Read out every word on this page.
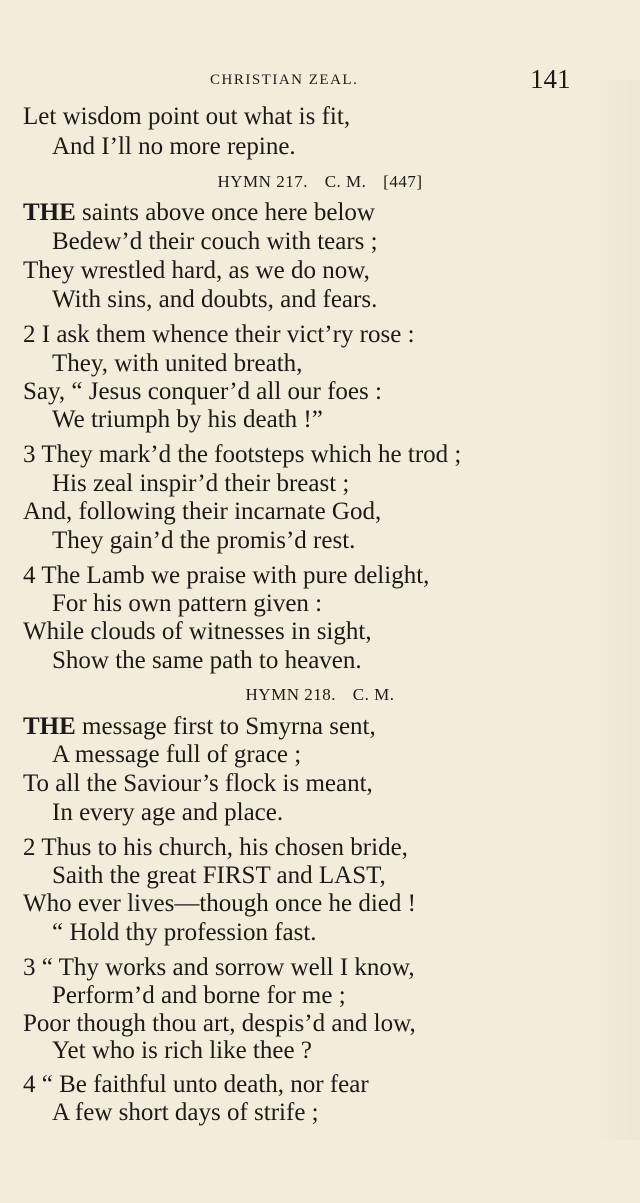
CHRISTIAN ZEAL.	141
Let wisdom point out what is fit,
And I’ll no more repine.
HYMN 217. C. M. [447]
THE saints above once here below
Bedew’d their couch with tears ;
They wrestled hard, as we do now,
With sins, and doubts, and fears.
2 I ask them whence their vict’ry rose :
They, with united breath,
Say, “ Jesus conquer’d all our foes :
We triumph by his death !”
3 They mark’d the footsteps which he trod ;
His zeal inspir’d their breast ;
And, following their incarnate God,
They gain’d the promis’d rest.
4 The Lamb we praise with pure delight,
For his own pattern given :
While clouds of witnesses in sight,
Show the same path to heaven.
HYMN 218. C. M.
THE message first to Smyrna sent,
A message full of grace ;
To all the Saviour’s flock is meant,
In every age and place.
2 Thus to his church, his chosen bride,
Saith the great FIRST and LAST,
Who ever lives—though once he died !
“ Hold thy profession fast.
3 “ Thy works and sorrow well I know,
Perform’d and borne for me ;
Poor though thou art, despis’d and low,
Yet who is rich like thee ?
4 “ Be faithful unto death, nor fear
A few short days of strife ;
